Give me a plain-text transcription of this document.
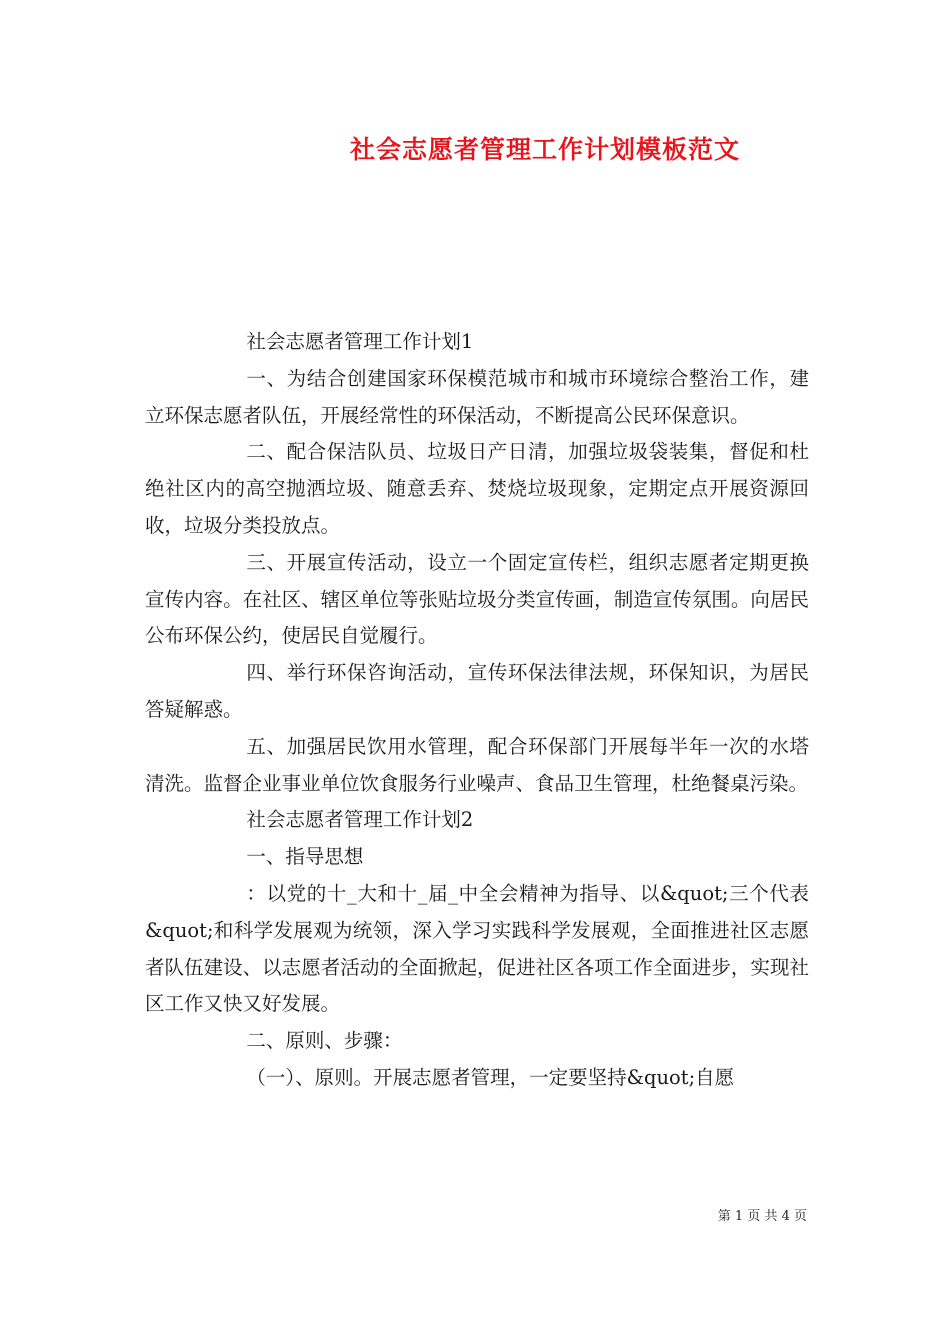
社会志愿者管理工作计划模板范文

社会志愿者管理工作计划1

一、为结合创建国家环保模范城市和城市环境综合整治工作，建立环保志愿者队伍，开展经常性的环保活动，不断提高公民环保意识。

二、配合保洁队员、垃圾日产日清，加强垃圾袋装集，督促和杜绝社区内的高空抛洒垃圾、随意丢弃、焚烧垃圾现象，定期定点开展资源回收，垃圾分类投放点。

三、开展宣传活动，设立一个固定宣传栏，组织志愿者定期更换宣传内容。在社区、辖区单位等张贴垃圾分类宣传画，制造宣传氛围。向居民公布环保公约，使居民自觉履行。

四、举行环保咨询活动，宣传环保法律法规，环保知识，为居民答疑解惑。

五、加强居民饮用水管理，配合环保部门开展每半年一次的水塔清洗。监督企业事业单位饮食服务行业噪声、食品卫生管理，杜绝餐桌污染。

社会志愿者管理工作计划2

一、指导思想

：以党的十_大和十_届_中全会精神为指导、以&quot;三个代表&quot;和科学发展观为统领，深入学习实践科学发展观，全面推进社区志愿者队伍建设、以志愿者活动的全面掀起，促进社区各项工作全面进步，实现社区工作又快又好发展。

二、原则、步骤：

（一）、原则。开展志愿者管理，一定要坚持&quot;自愿

第 1 页 共 4 页
